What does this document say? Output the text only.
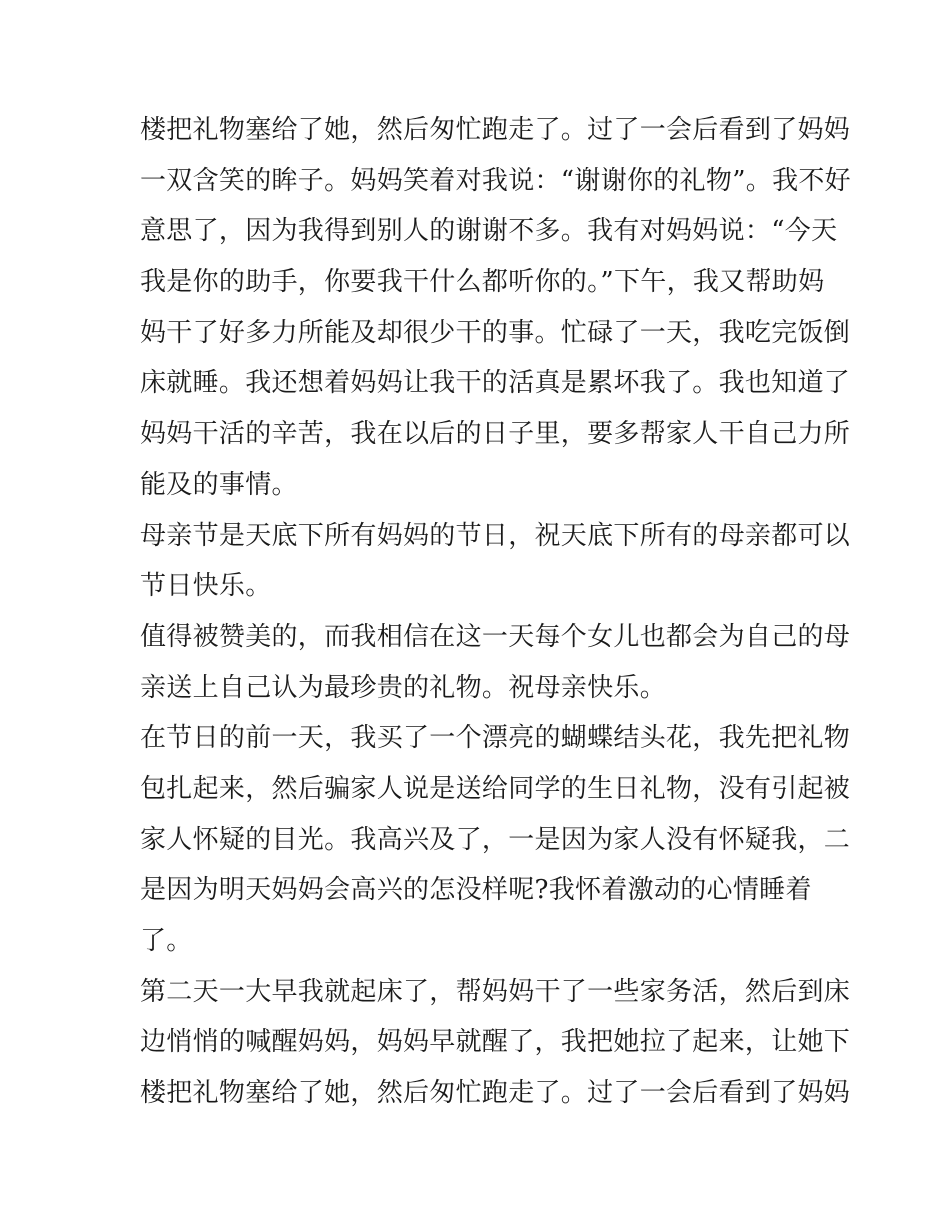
楼把礼物塞给了她，然后匆忙跑走了。过了一会后看到了妈妈
一双含笑的眸子。妈妈笑着对我说：“谢谢你的礼物”。我不好
意思了，因为我得到别人的谢谢不多。我有对妈妈说：“今天
我是你的助手，你要我干什么都听你的。”下午，我又帮助妈
妈干了好多力所能及却很少干的事。忙碌了一天，我吃完饭倒
床就睡。我还想着妈妈让我干的活真是累坏我了。我也知道了
妈妈干活的辛苦，我在以后的日子里，要多帮家人干自己力所
能及的事情。
母亲节是天底下所有妈妈的节日，祝天底下所有的母亲都可以
节日快乐。
值得被赞美的，而我相信在这一天每个女儿也都会为自己的母
亲送上自己认为最珍贵的礼物。祝母亲快乐。
在节日的前一天，我买了一个漂亮的蝴蝶结头花，我先把礼物
包扎起来，然后骗家人说是送给同学的生日礼物，没有引起被
家人怀疑的目光。我高兴及了，一是因为家人没有怀疑我，二
是因为明天妈妈会高兴的怎没样呢?我怀着激动的心情睡着
了。
第二天一大早我就起床了，帮妈妈干了一些家务活，然后到床
边悄悄的喊醒妈妈，妈妈早就醒了，我把她拉了起来，让她下
楼把礼物塞给了她，然后匆忙跑走了。过了一会后看到了妈妈
